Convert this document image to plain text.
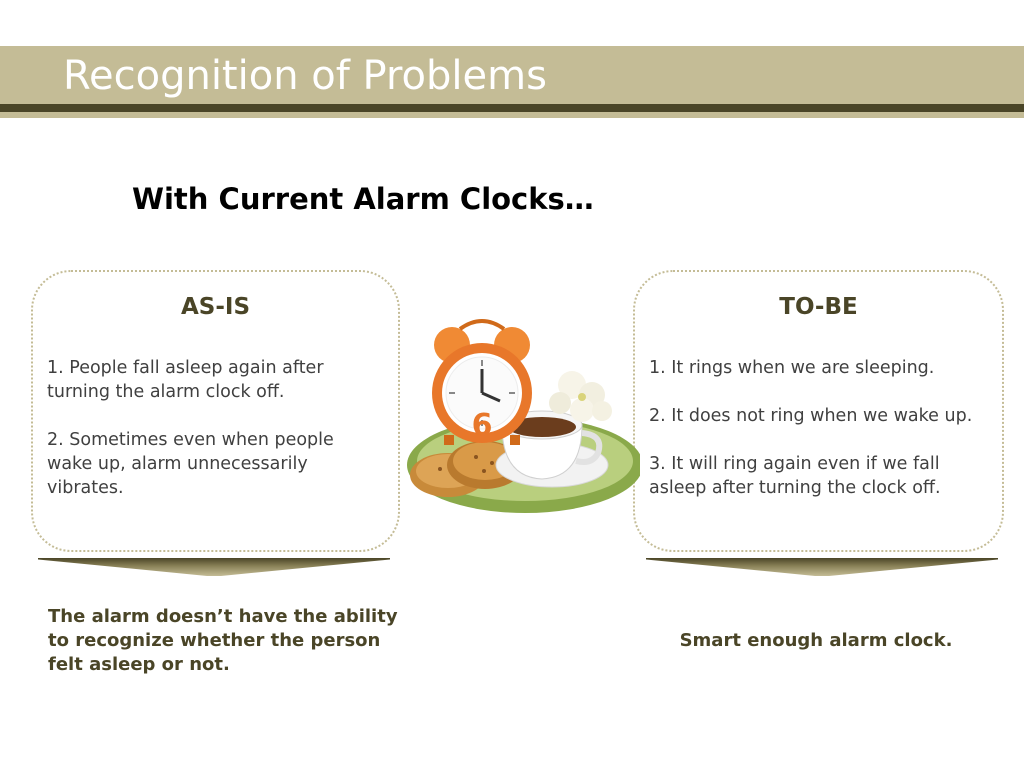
Recognition of Problems
With Current Alarm Clocks…
AS-IS
1. People fall asleep again after turning the alarm clock off.
2. Sometimes even when people wake up, alarm unnecessarily vibrates.
TO-BE
1. It rings when we are sleeping.
2. It does not ring when we wake up.
3. It will ring again even if we fall asleep after turning the clock off.
6

The alarm doesn’t have the ability to recognize whether the person felt asleep or not.

Smart enough alarm clock.
